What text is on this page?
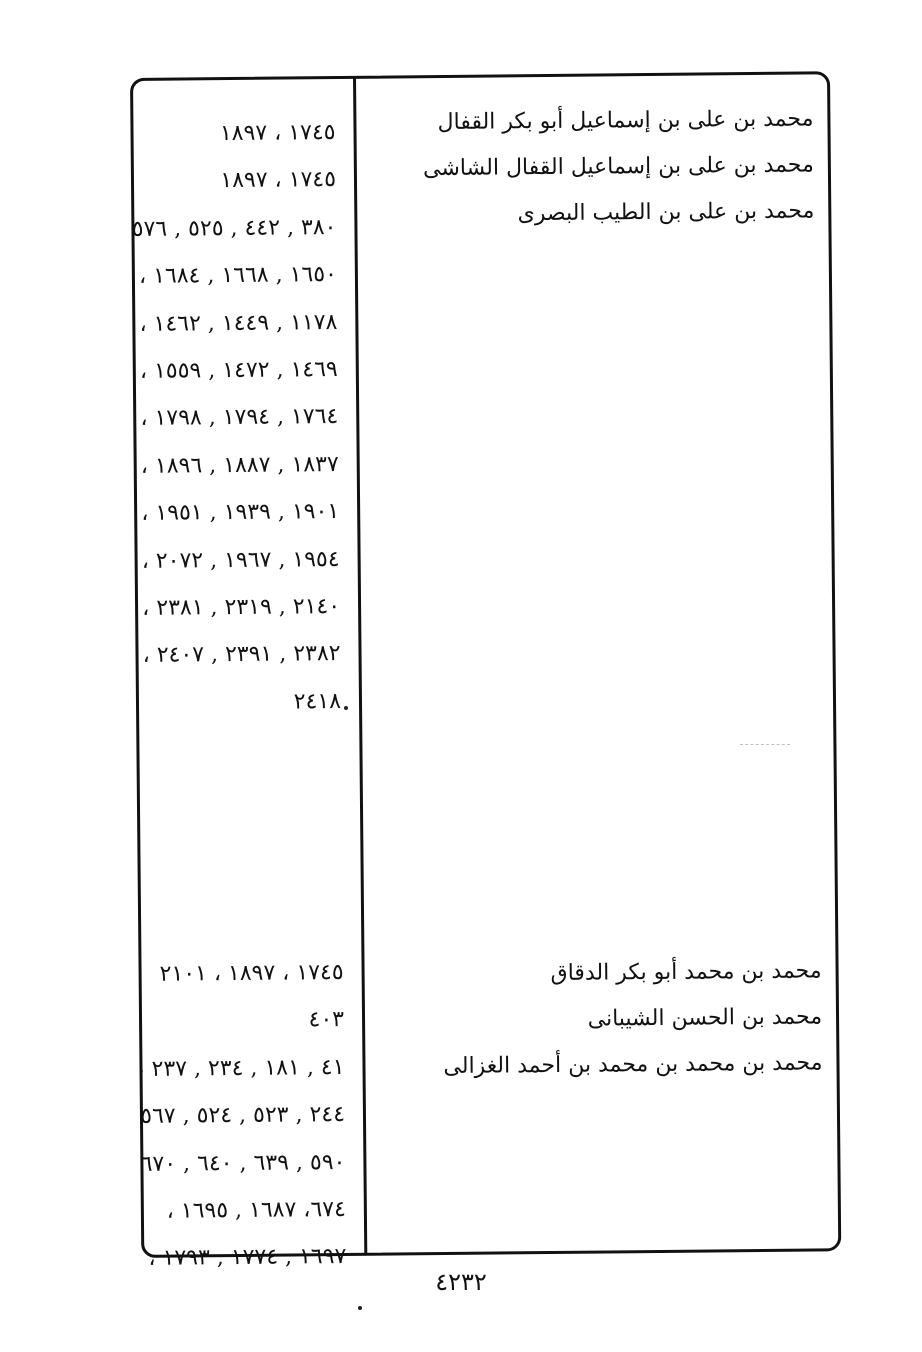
محمد بن على بن إسماعيل أبو بكر القفال
محمد بن على بن إسماعيل القفال الشاشى
محمد بن على بن الطيب البصرى
محمد بن محمد أبو بكر الدقاق
محمد بن الحسن الشيبانى
محمد بن محمد بن محمد بن أحمد الغزالى
١٧٤٥ ، ١٨٩٧
١٧٤٥ ، ١٨٩٧
٣٨٠ , ٤٤٢ , ٥٢٥ , ٥٧٦
١٦٥٠ , ١٦٦٨ , ١٦٨٤ ،
١١٧٨ , ١٤٤٩ , ١٤٦٢ ،
١٤٦٩ , ١٤٧٢ , ١٥٥٩ ،
١٧٦٤ , ١٧٩٤ , ١٧٩٨ ،
١٨٣٧ , ١٨٨٧ , ١٨٩٦ ،
١٩٠١ , ١٩٣٩ , ١٩٥١ ،
١٩٥٤ , ١٩٦٧ , ٢٠٧٢ ،
٢١٤٠ , ٢٣١٩ , ٢٣٨١ ،
٢٣٨٢ , ٢٣٩١ , ٢٤٠٧ ،
٢٤١٨
١٧٤٥ ، ١٨٩٧ ، ٢١٠١
٤٠٣
٤١ , ١٨١ , ٢٣٤ , ٢٣٧ ،
٢٤٤ , ٥٢٣ , ٥٢٤ , ٥٦٧
٥٩٠ , ٦٣٩ , ٦٤٠ , ٦٧٠
٦٧٤، ١٦٨٧ , ١٦٩٥ ،
١٦٩٧ , ١٧٧٤ , ١٧٩٣ ،
٤٢٣٢
